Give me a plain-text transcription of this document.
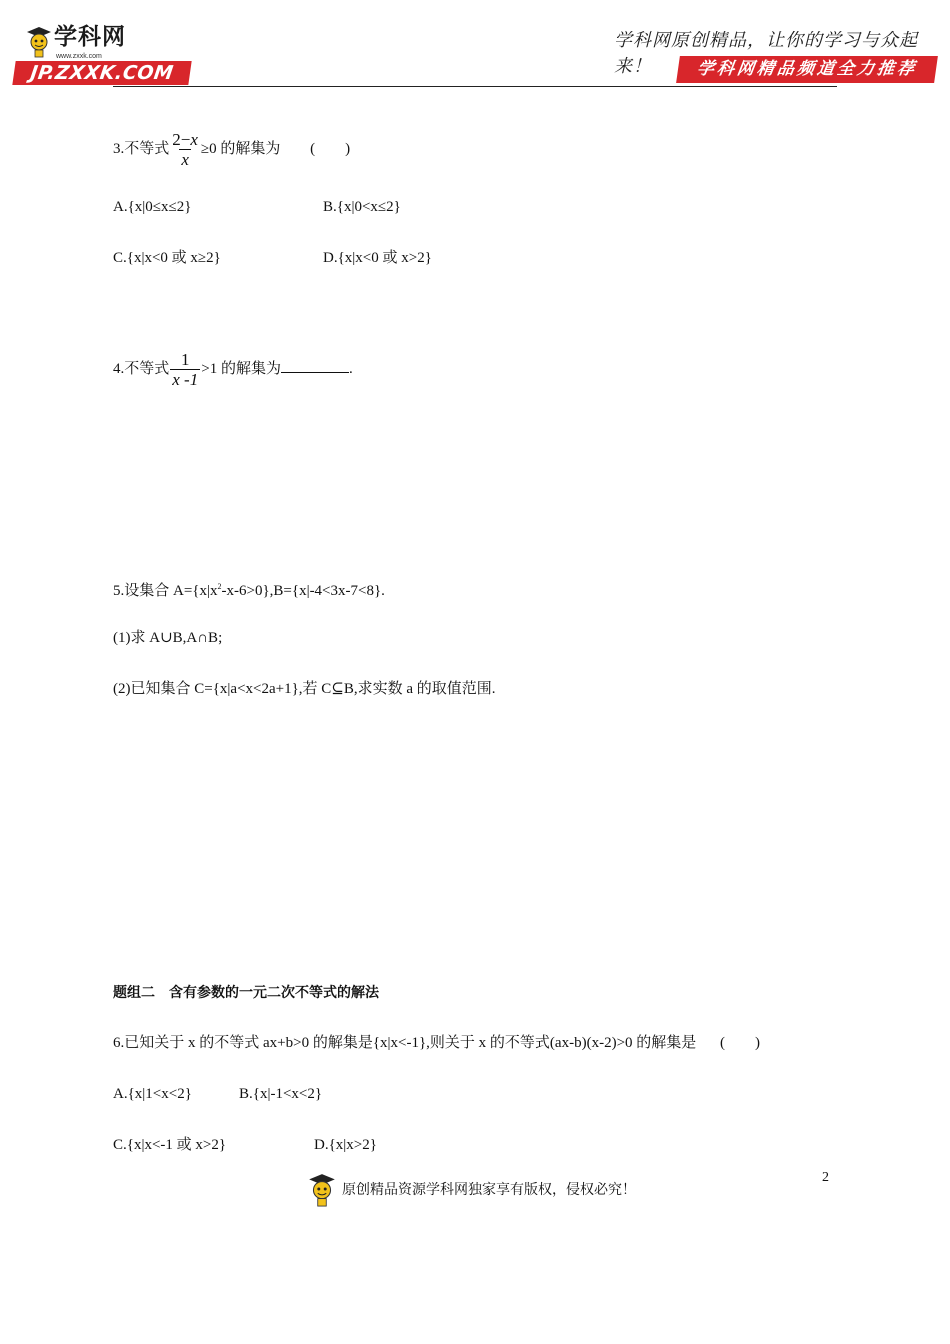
学科网
www.zxxk.com
JP.ZXXK.COM
学科网原创精品，让你的学习与众起来！	学科网精品频道全力推荐
3.不等式 $\frac{2-x}{x} \ge 0$ 的解集为 ( )
A.{x|0≤x≤2}	B.{x|0<x≤2}
C.{x|x<0 或 x≥2}	D.{x|x<0 或 x>2}
4.不等式 $\frac{1}{x -1} >1$ 的解集为	.
5.设集合 $A=\{x|x^2-x-6>0\},B=\{x|-4<3x-7<8\}$.
(1)求 A∪B,A∩B;
(2)已知集合 C={x|a<x<2a+1},若 C⊆B,求实数 a 的取值范围.
题组二　含有参数的一元二次不等式的解法
6.已知关于 x 的不等式 ax+b>0 的解集是{x|x<-1},则关于 x 的不等式(ax-b)(x-2)>0 的解集是 ( )
A.{x|1<x<2}	B.{x|-1<x<2}
C.{x|x<-1 或 x>2}	D.{x|x>2}
2
原创精品资源学科网独家享有版权，侵权必究！
